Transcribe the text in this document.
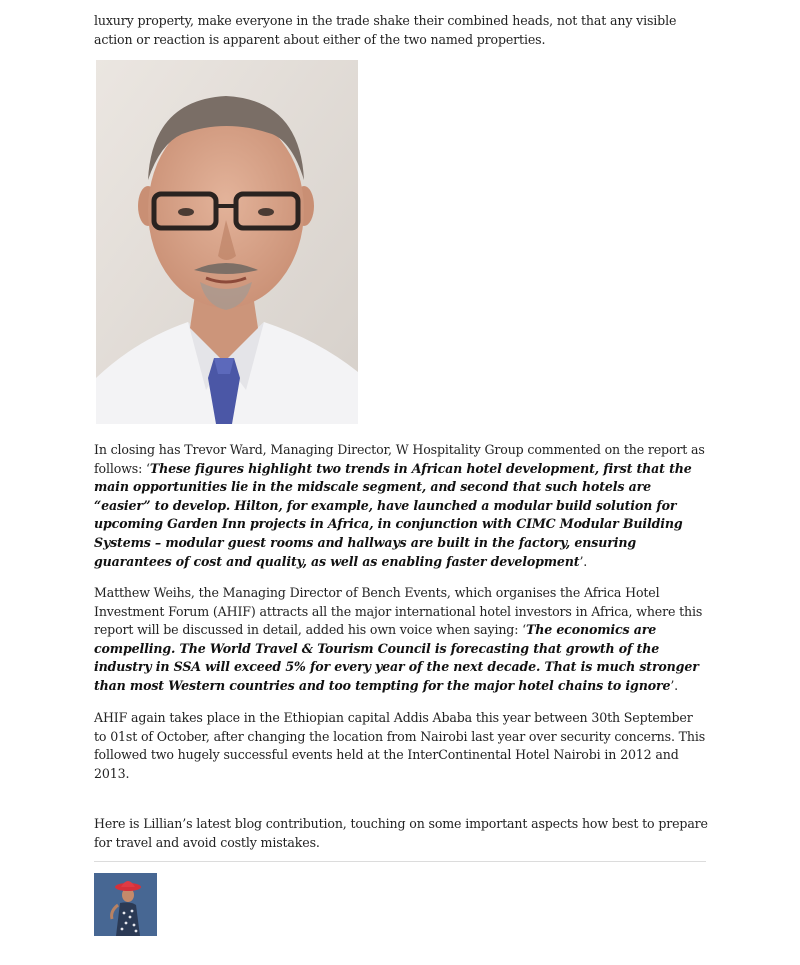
luxury property, make everyone in the trade shake their combined heads, not that any visible action or reaction is apparent about either of the two named properties.

In closing has Trevor Ward, Managing Director, W Hospitality Group commented on the report as follows: ‘These figures highlight two trends in African hotel development, first that the main opportunities lie in the midscale segment, and second that such hotels are “easier” to develop. Hilton, for example, have launched a modular build solution for upcoming Garden Inn projects in Africa, in conjunction with CIMC Modular Building Systems – modular guest rooms and hallways are built in the factory, ensuring guarantees of cost and quality, as well as enabling faster development’.

Matthew Weihs, the Managing Director of Bench Events, which organises the Africa Hotel Investment Forum (AHIF) attracts all the major international hotel investors in Africa, where this report will be discussed in detail, added his own voice when saying: ‘The economics are compelling. The World Travel & Tourism Council is forecasting that growth of the industry in SSA will exceed 5% for every year of the next decade. That is much stronger than most Western countries and too tempting for the major hotel chains to ignore’.

AHIF again takes place in the Ethiopian capital Addis Ababa this year between 30th September to 01st of October, after changing the location from Nairobi last year over security concerns. This followed two hugely successful events held at the InterContinental Hotel Nairobi in 2012 and 2013.

Here is Lillian’s latest blog contribution, touching on some important aspects how best to prepare for travel and avoid costly mistakes.
